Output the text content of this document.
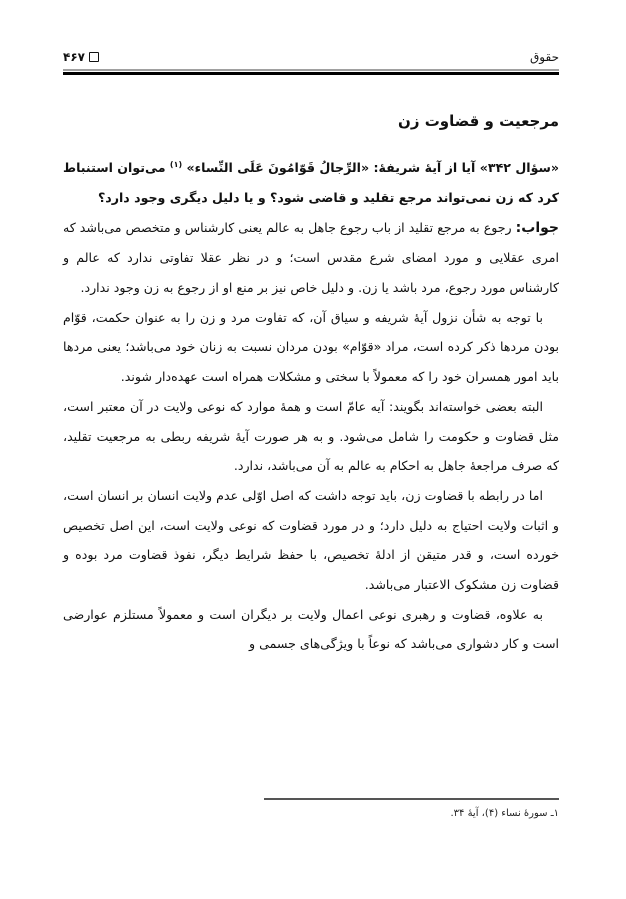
حقوق
۴۶۷
مرجعیت و قضاوت زن

«سؤال ۳۴۲» آیا از آیهٔ شریفهٔ: «الرِّجالُ قَوّامُونَ عَلَى النِّساء» $^{(۱)}$ می‌توان استنباط کرد که زن نمی‌تواند مرجع تقلید و قاضی شود؟ و یا دلیل دیگری وجود دارد؟

جواب: رجوع به مرجع تقلید از باب رجوع جاهل به عالم یعنی کارشناس و متخصص می‌باشد که امری عقلایی و مورد امضای شرع مقدس است؛ و در نظر عقلا تفاوتی ندارد که عالم و کارشناس مورد رجوع، مرد باشد یا زن. و دلیل خاص نیز بر منع او از رجوع به زن وجود ندارد.

با توجه به شأن نزول آیهٔ شریفه و سیاق آن، که تفاوت مرد و زن را به عنوان حکمت، قوّام بودن مردها ذکر کرده است، مراد «قوّام» بودن مردان نسبت به زنان خود می‌باشد؛ یعنی مردها باید امور همسران خود را که معمولاً با سختی و مشکلات همراه است عهده‌دار شوند.

البته بعضی خواسته‌اند بگویند: آیه عامّ است و همهٔ موارد که نوعی ولایت در آن معتبر است، مثل قضاوت و حکومت را شامل می‌شود. و به هر صورت آیهٔ شریفه ربطی به مرجعیت تقلید، که صرف مراجعهٔ جاهل به احکام به عالم به آن می‌باشد، ندارد.

اما در رابطه با قضاوت زن، باید توجه داشت که اصل اوّلی عدم ولایت انسان بر انسان است، و اثبات ولایت احتیاج به دلیل دارد؛ و در مورد قضاوت که نوعی ولایت است، این اصل تخصیص خورده است، و قدر متیقن از ادلهٔ تخصیص، با حفظ شرایط دیگر، نفوذ قضاوت مرد بوده و قضاوت زن مشکوک الاعتبار می‌باشد.

به علاوه، قضاوت و رهبری نوعی اعمال ولایت بر دیگران است و معمولاً مستلزم عوارضی است و کار دشواری می‌باشد که نوعاً با ویژگی‌های جسمی و

۱ـ سورهٔ نساء (۴)، آیهٔ ۳۴.
